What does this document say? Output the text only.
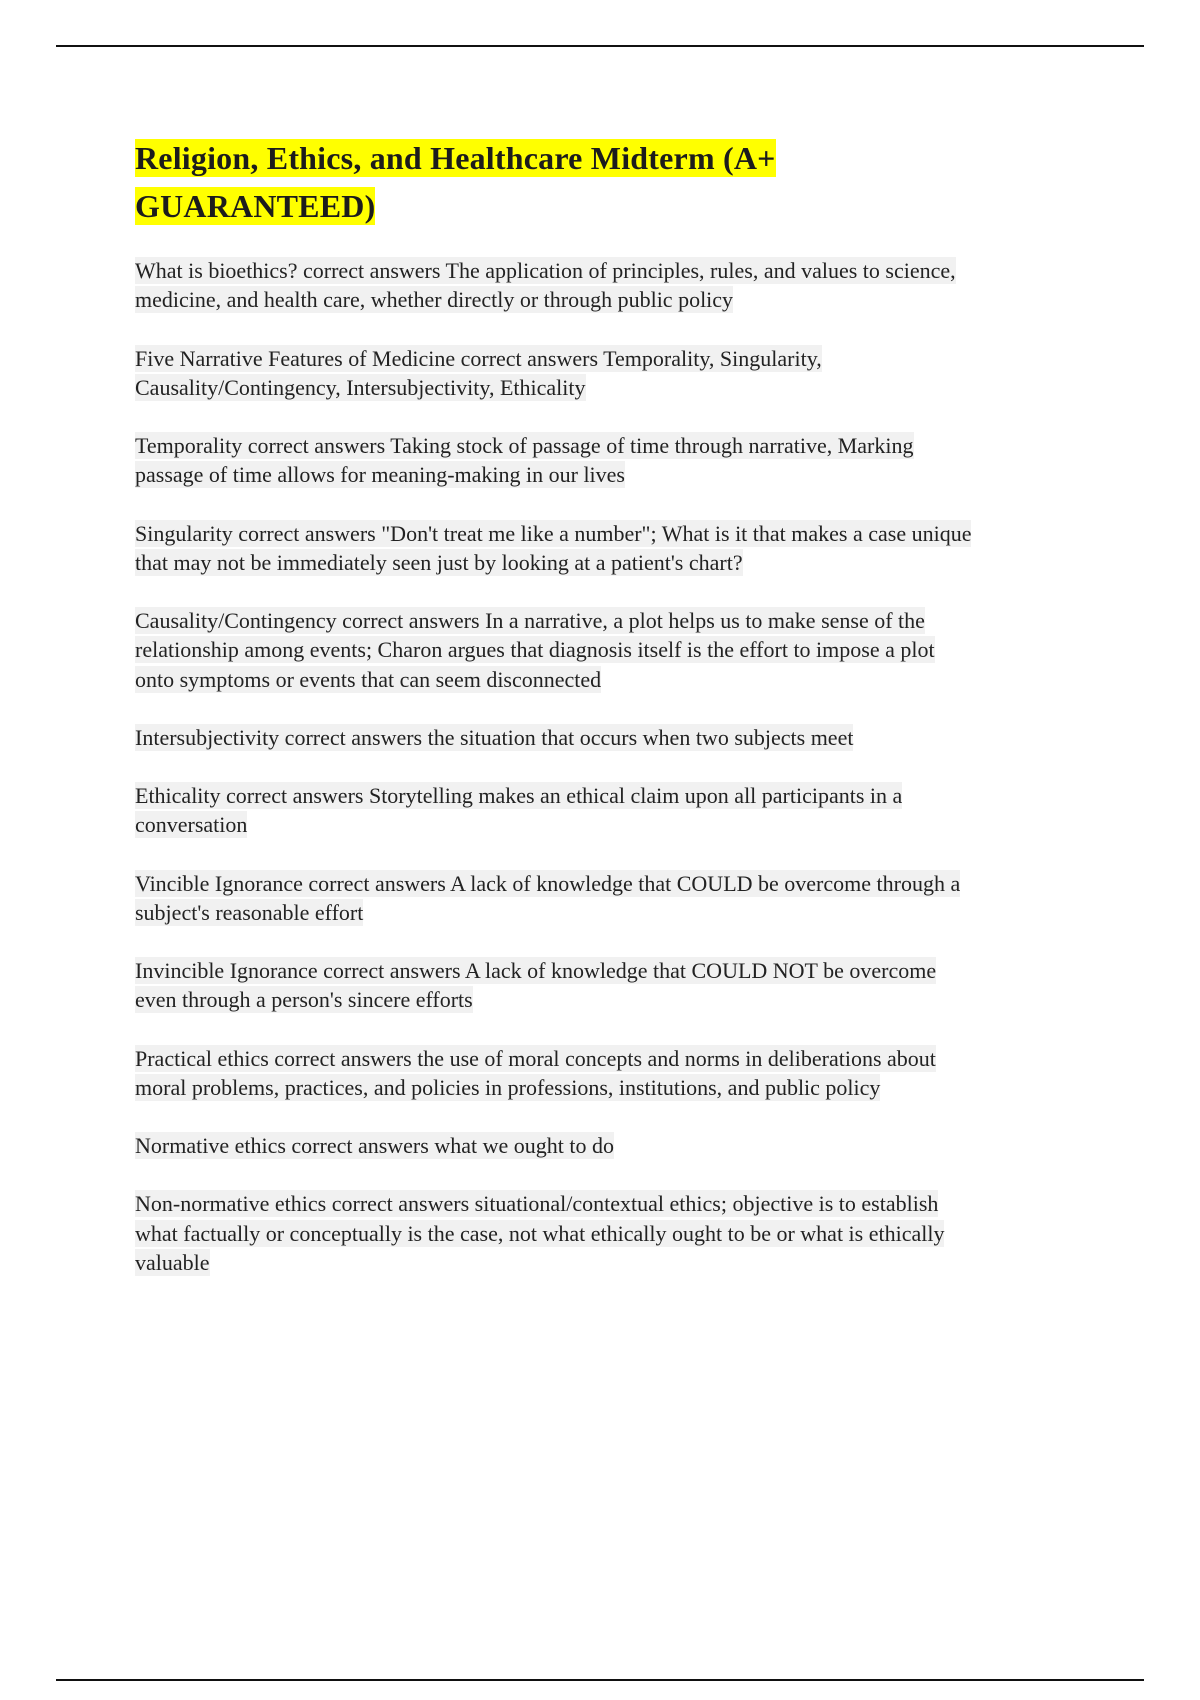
Religion, Ethics, and Healthcare Midterm (A+ GUARANTEED)

What is bioethics? correct answers The application of principles, rules, and values to science, medicine, and health care, whether directly or through public policy

Five Narrative Features of Medicine correct answers Temporality, Singularity, Causality/Contingency, Intersubjectivity, Ethicality

Temporality correct answers Taking stock of passage of time through narrative, Marking passage of time allows for meaning-making in our lives

Singularity correct answers "Don't treat me like a number"; What is it that makes a case unique that may not be immediately seen just by looking at a patient's chart?

Causality/Contingency correct answers In a narrative, a plot helps us to make sense of the relationship among events; Charon argues that diagnosis itself is the effort to impose a plot onto symptoms or events that can seem disconnected

Intersubjectivity correct answers the situation that occurs when two subjects meet

Ethicality correct answers Storytelling makes an ethical claim upon all participants in a conversation

Vincible Ignorance correct answers A lack of knowledge that COULD be overcome through a subject's reasonable effort

Invincible Ignorance correct answers A lack of knowledge that COULD NOT be overcome even through a person's sincere efforts

Practical ethics correct answers the use of moral concepts and norms in deliberations about moral problems, practices, and policies in professions, institutions, and public policy

Normative ethics correct answers what we ought to do

Non-normative ethics correct answers situational/contextual ethics; objective is to establish what factually or conceptually is the case, not what ethically ought to be or what is ethically valuable
